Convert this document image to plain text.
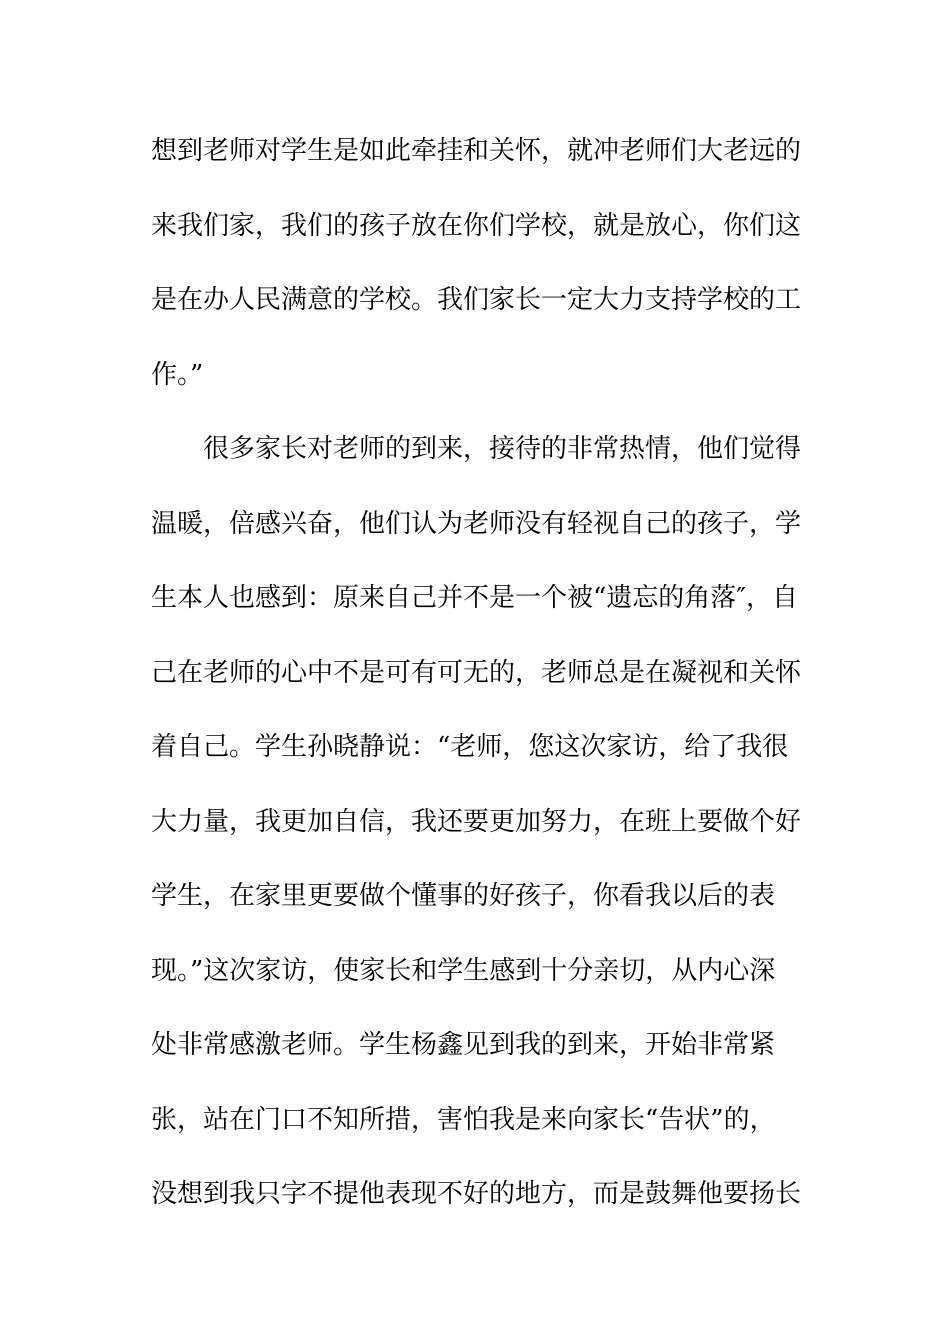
想到老师对学生是如此牵挂和关怀，就冲老师们大老远的
来我们家，我们的孩子放在你们学校，就是放心，你们这
是在办人民满意的学校。我们家长一定大力支持学校的工
作。”
很多家长对老师的到来，接待的非常热情，他们觉得
温暖，倍感兴奋，他们认为老师没有轻视自己的孩子，学
生本人也感到：原来自己并不是一个被“遗忘的角落″，自
己在老师的心中不是可有可无的，老师总是在凝视和关怀
着自己。学生孙晓静说：“老师，您这次家访，给了我很
大力量，我更加自信，我还要更加努力，在班上要做个好
学生，在家里更要做个懂事的好孩子，你看我以后的表
现。”这次家访，使家长和学生感到十分亲切，从内心深
处非常感激老师。学生杨鑫见到我的到来，开始非常紧
张，站在门口不知所措，害怕我是来向家长“告状”的，
没想到我只字不提他表现不好的地方，而是鼓舞他要扬长
